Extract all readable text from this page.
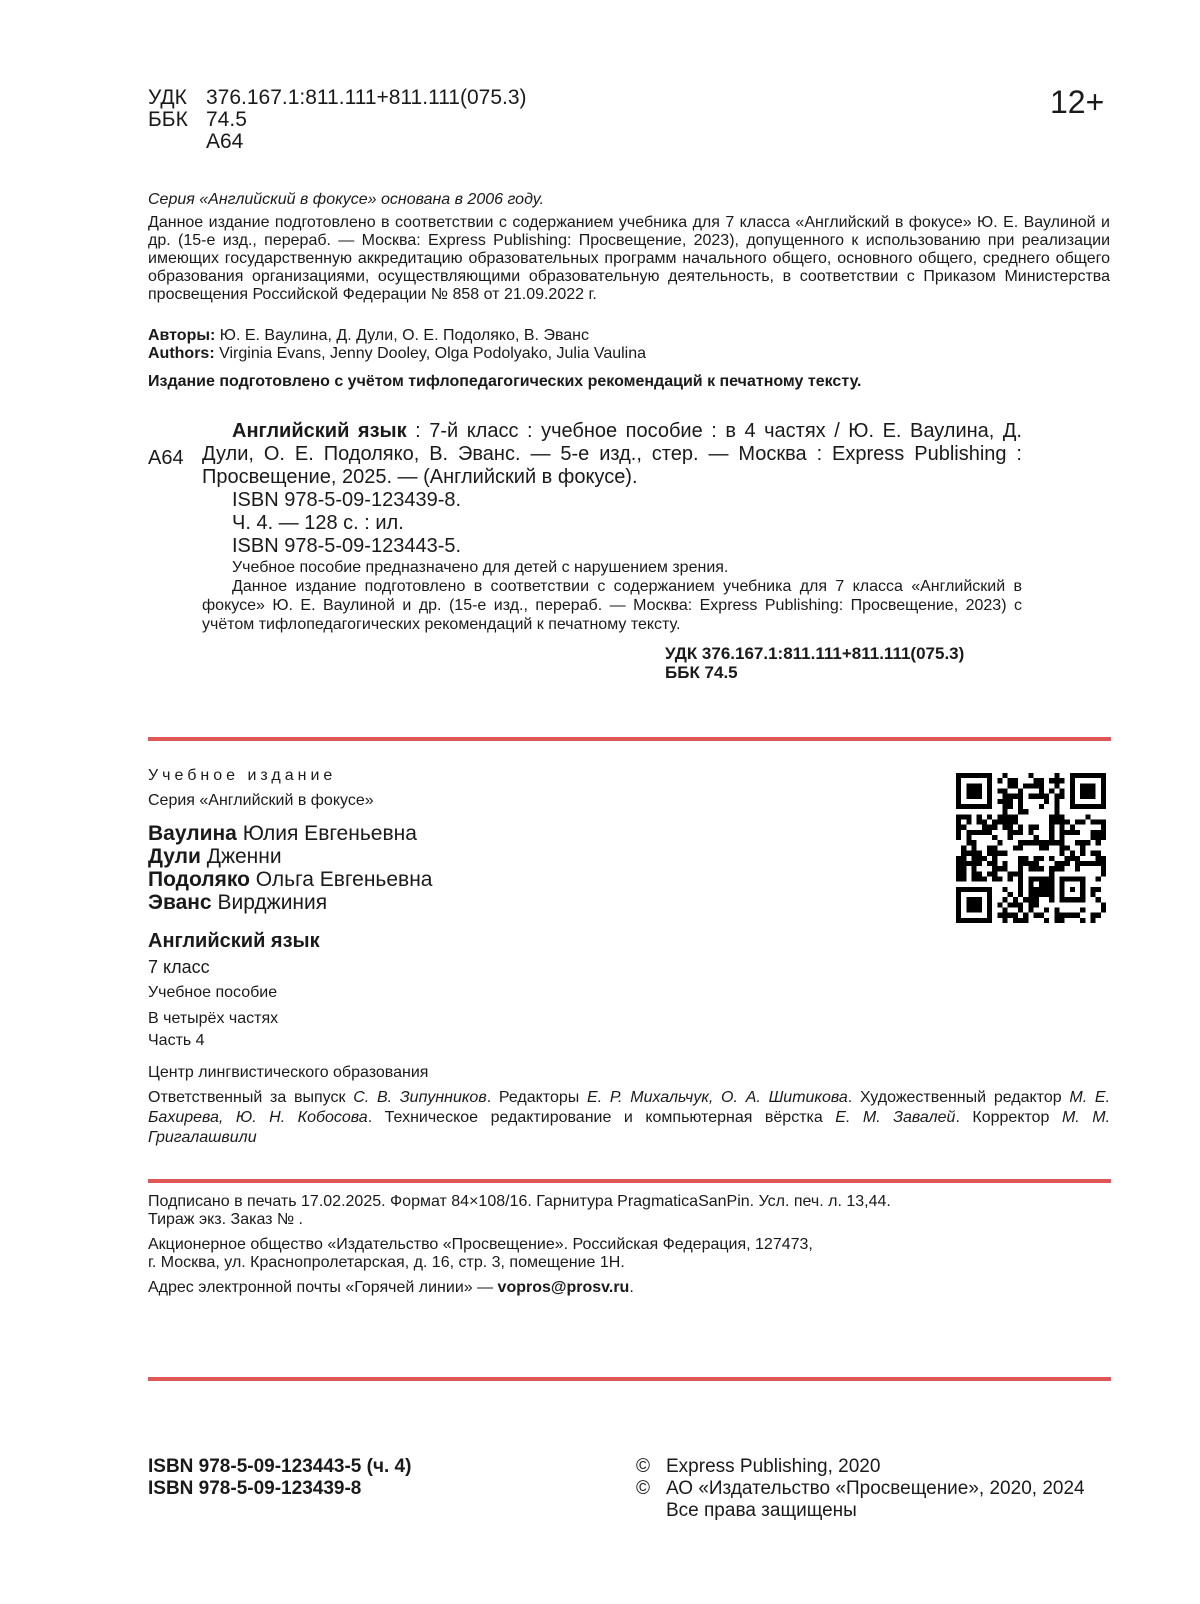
УДК 376.167.1:811.111+811.111(075.3)
ББК 74.5
А64
12+
Серия «Английский в фокусе» основана в 2006 году.
Данное издание подготовлено в соответствии с содержанием учебника для 7 класса «Английский в фокусе» Ю. Е. Ваулиной и др. (15-е изд., перераб. — Москва: Express Publishing: Просвещение, 2023), допущенного к использованию при реализации имеющих государственную аккредитацию образовательных программ начального общего, основного общего, среднего общего образования организациями, осуществляющими образовательную деятельность, в соответствии с Приказом Министерства просвещения Российской Федерации № 858 от 21.09.2022 г.
Авторы: Ю. Е. Ваулина, Д. Дули, О. Е. Подоляко, В. Эванс
Authors: Virginia Evans, Jenny Dooley, Olga Podolyako, Julia Vaulina
Издание подготовлено с учётом тифлопедагогических рекомендаций к печатному тексту.
А64
Английский язык : 7-й класс : учебное пособие : в 4 частях / Ю. Е. Ваулина, Д. Дули, О. Е. Подоляко, В. Эванс. — 5-е изд., стер. — Москва : Express Publishing : Просвещение, 2025. — (Английский в фокусе).
ISBN 978-5-09-123439-8.
Ч. 4. — 128 с. : ил.
ISBN 978-5-09-123443-5.
Учебное пособие предназначено для детей с нарушением зрения.
Данное издание подготовлено в соответствии с содержанием учебника для 7 класса «Английский в фокусе» Ю. Е. Ваулиной и др. (15-е изд., перераб. — Москва: Express Publishing: Просвещение, 2023) с учётом тифлопедагогических рекомендаций к печатному тексту.
УДК 376.167.1:811.111+811.111(075.3)
ББК 74.5
Учебное издание
Серия «Английский в фокусе»
Ваулина Юлия Евгеньевна
Дули Дженни
Подоляко Ольга Евгеньевна
Эванс Вирджиния
Английский язык
7 класс
Учебное пособие
В четырёх частях
Часть 4
Центр лингвистического образования
Ответственный за выпуск С. В. Зипунников. Редакторы Е. Р. Михальчук, О. А. Шитикова. Художественный редактор М. Е. Бахирева, Ю. Н. Кобосова. Техническое редактирование и компьютерная вёрстка Е. М. Завалей. Корректор М. М. Григалашвили
Подписано в печать 17.02.2025. Формат 84×108/16. Гарнитура PragmaticaSanPin. Усл. печ. л. 13,44.
Тираж экз. Заказ № .
Акционерное общество «Издательство «Просвещение». Российская Федерация, 127473,
г. Москва, ул. Краснопролетарская, д. 16, стр. 3, помещение 1Н.
Адрес электронной почты «Горячей линии» — vopros@prosv.ru.
ISBN 978-5-09-123443-5 (ч. 4)
ISBN 978-5-09-123439-8
© Express Publishing, 2020
© АО «Издательство «Просвещение», 2020, 2024
Все права защищены
